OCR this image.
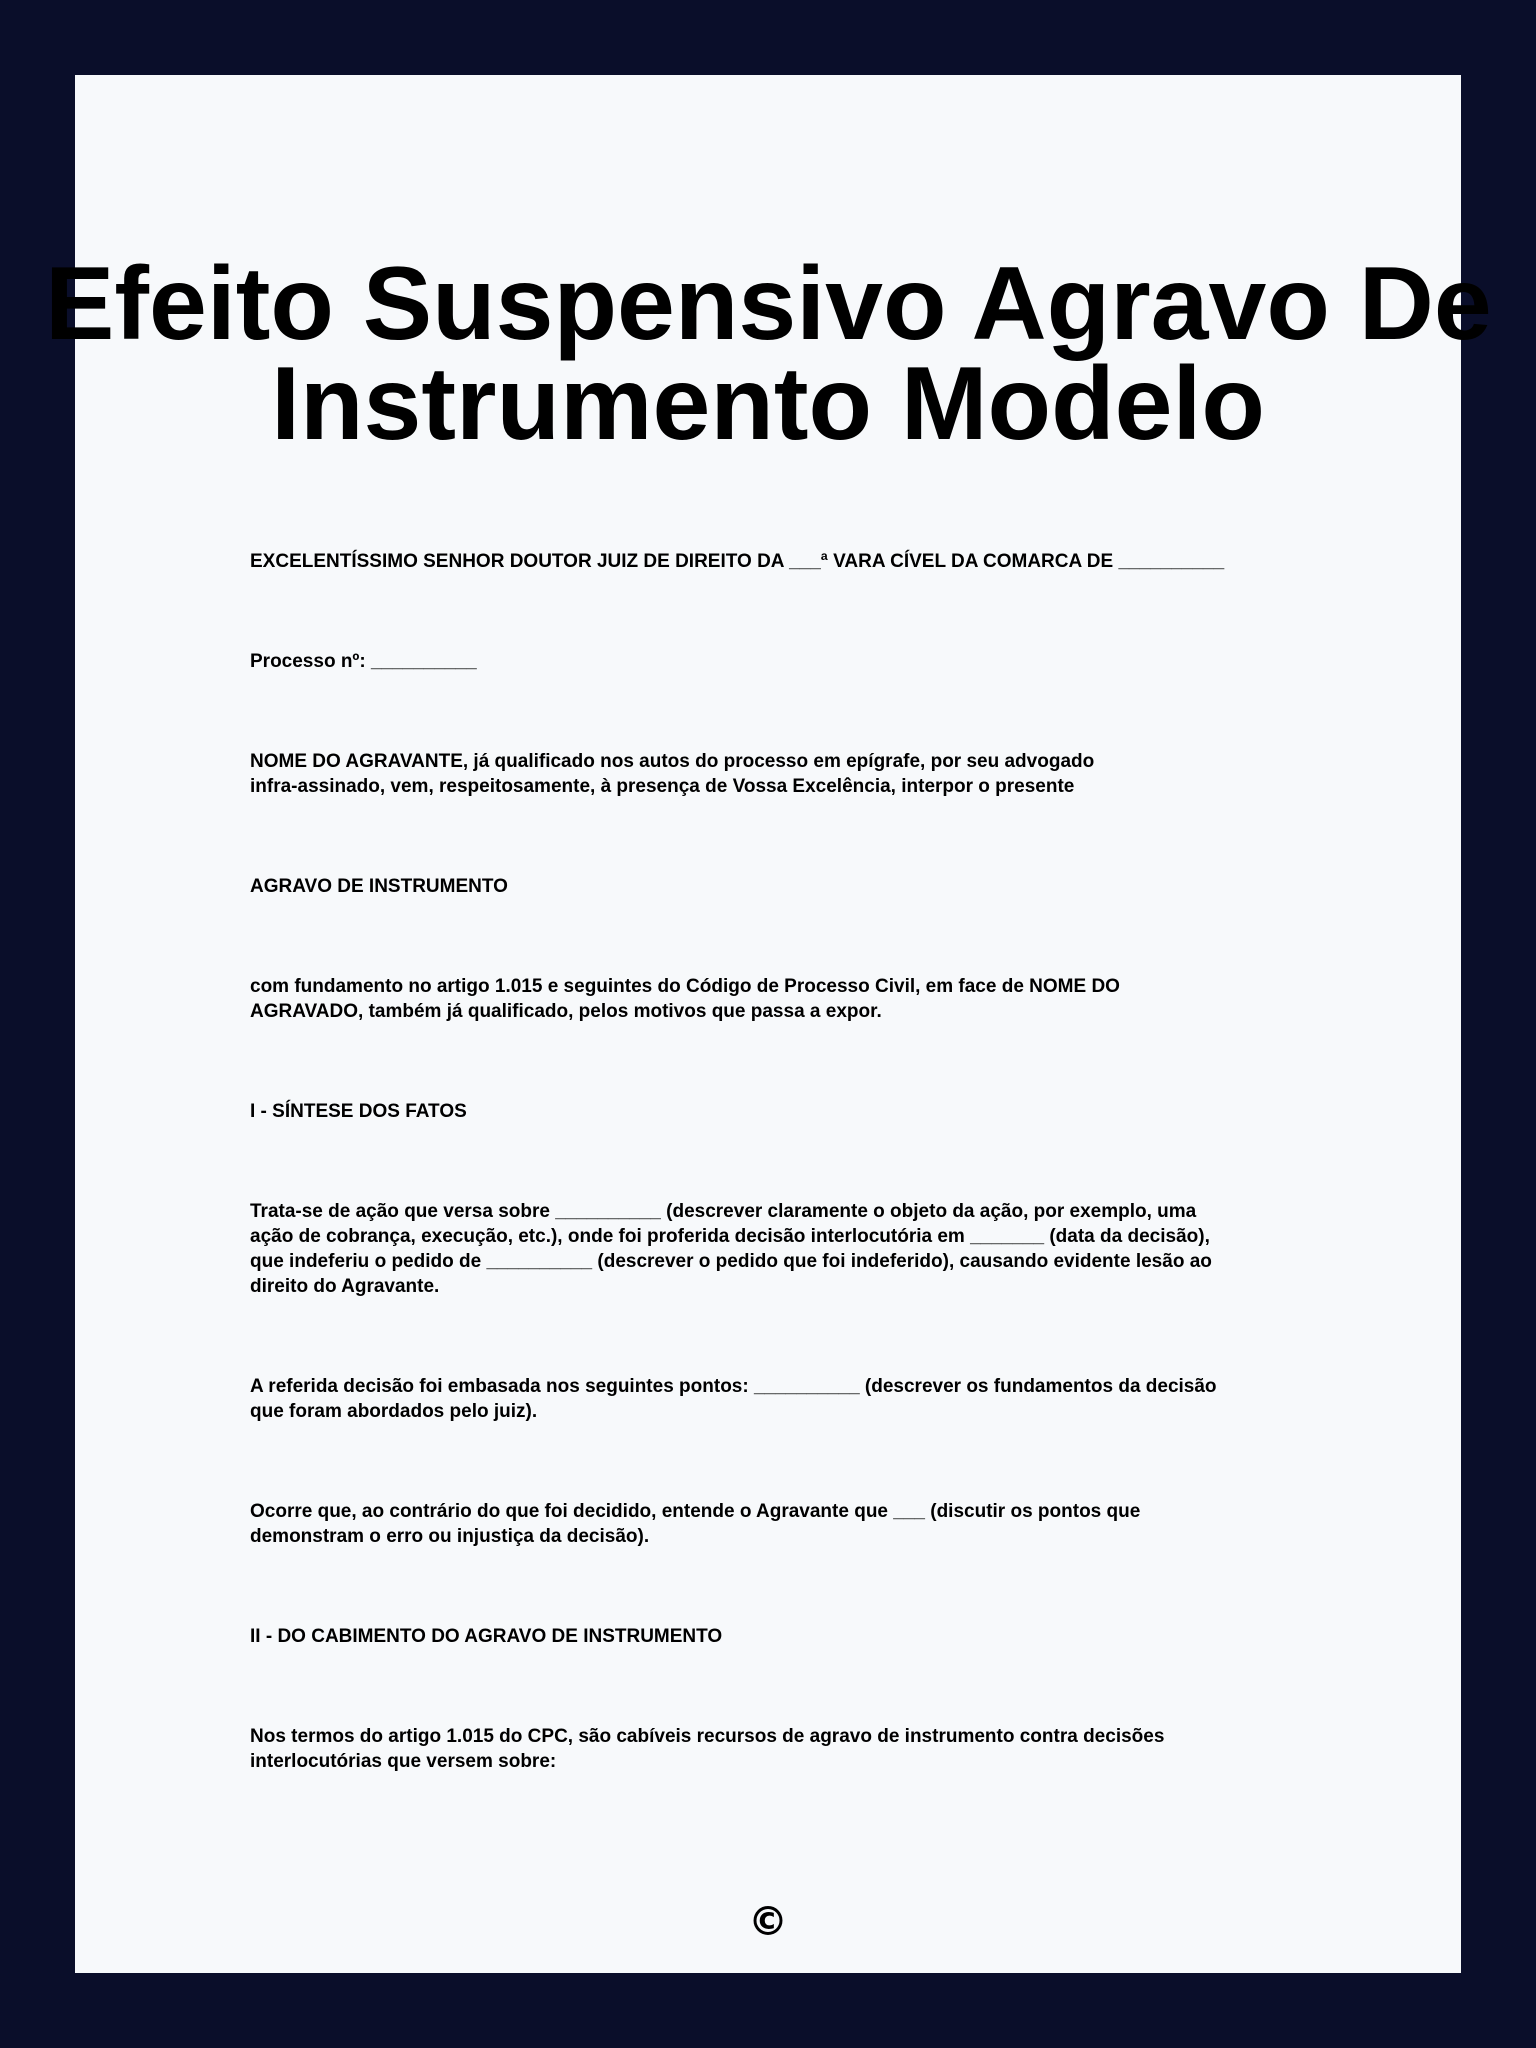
Efeito Suspensivo Agravo De
Instrumento Modelo

EXCELENTÍSSIMO SENHOR DOUTOR JUIZ DE DIREITO DA ___ª VARA CÍVEL DA COMARCA DE __________

Processo nº: __________

NOME DO AGRAVANTE, já qualificado nos autos do processo em epígrafe, por seu advogado
infra-assinado, vem, respeitosamente, à presença de Vossa Excelência, interpor o presente

AGRAVO DE INSTRUMENTO

com fundamento no artigo 1.015 e seguintes do Código de Processo Civil, em face de NOME DO
AGRAVADO, também já qualificado, pelos motivos que passa a expor.

I - SÍNTESE DOS FATOS

Trata-se de ação que versa sobre __________ (descrever claramente o objeto da ação, por exemplo, uma
ação de cobrança, execução, etc.), onde foi proferida decisão interlocutória em _______ (data da decisão),
que indeferiu o pedido de __________ (descrever o pedido que foi indeferido), causando evidente lesão ao
direito do Agravante.

A referida decisão foi embasada nos seguintes pontos: __________ (descrever os fundamentos da decisão
que foram abordados pelo juiz).

Ocorre que, ao contrário do que foi decidido, entende o Agravante que ___ (discutir os pontos que
demonstram o erro ou injustiça da decisão).

II - DO CABIMENTO DO AGRAVO DE INSTRUMENTO

Nos termos do artigo 1.015 do CPC, são cabíveis recursos de agravo de instrumento contra decisões
interlocutórias que versem sobre:

©
